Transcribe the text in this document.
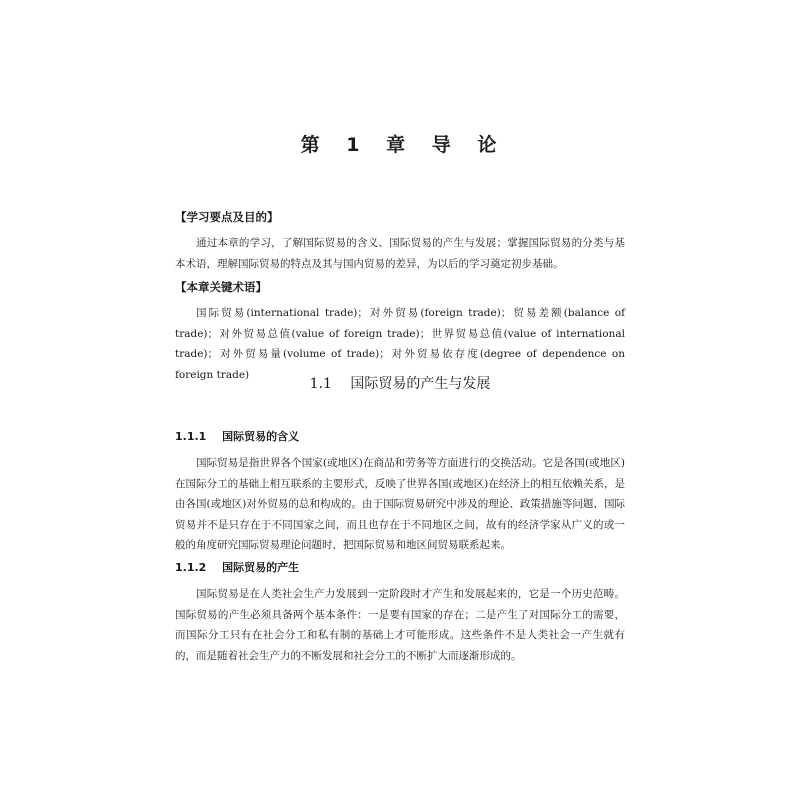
第 1 章 导 论
【学习要点及目的】

通过本章的学习，了解国际贸易的含义、国际贸易的产生与发展；掌握国际贸易的分类与基本术语，理解国际贸易的特点及其与国内贸易的差异，为以后的学习奠定初步基础。

【本章关键术语】

国际贸易(international trade)；对外贸易(foreign trade)；贸易差额(balance of trade)；对外贸易总值(value of foreign trade)；世界贸易总值(value of international trade)；对外贸易量(volume of trade)；对外贸易依存度(degree of dependence on foreign trade)

1.1 国际贸易的产生与发展
1.1.1 国际贸易的含义

国际贸易是指世界各个国家(或地区)在商品和劳务等方面进行的交换活动。它是各国(或地区)在国际分工的基础上相互联系的主要形式，反映了世界各国(或地区)在经济上的相互依赖关系，是由各国(或地区)对外贸易的总和构成的。由于国际贸易研究中涉及的理论、政策措施等问题，国际贸易并不是只存在于不同国家之间，而且也存在于不同地区之间，故有的经济学家从广义的或一般的角度研究国际贸易理论问题时，把国际贸易和地区间贸易联系起来。

1.1.2 国际贸易的产生

国际贸易是在人类社会生产力发展到一定阶段时才产生和发展起来的，它是一个历史范畴。国际贸易的产生必须具备两个基本条件：一是要有国家的存在；二是产生了对国际分工的需要，而国际分工只有在社会分工和私有制的基础上才可能形成。这些条件不是人类社会一产生就有的，而是随着社会生产力的不断发展和社会分工的不断扩大而逐渐形成的。
